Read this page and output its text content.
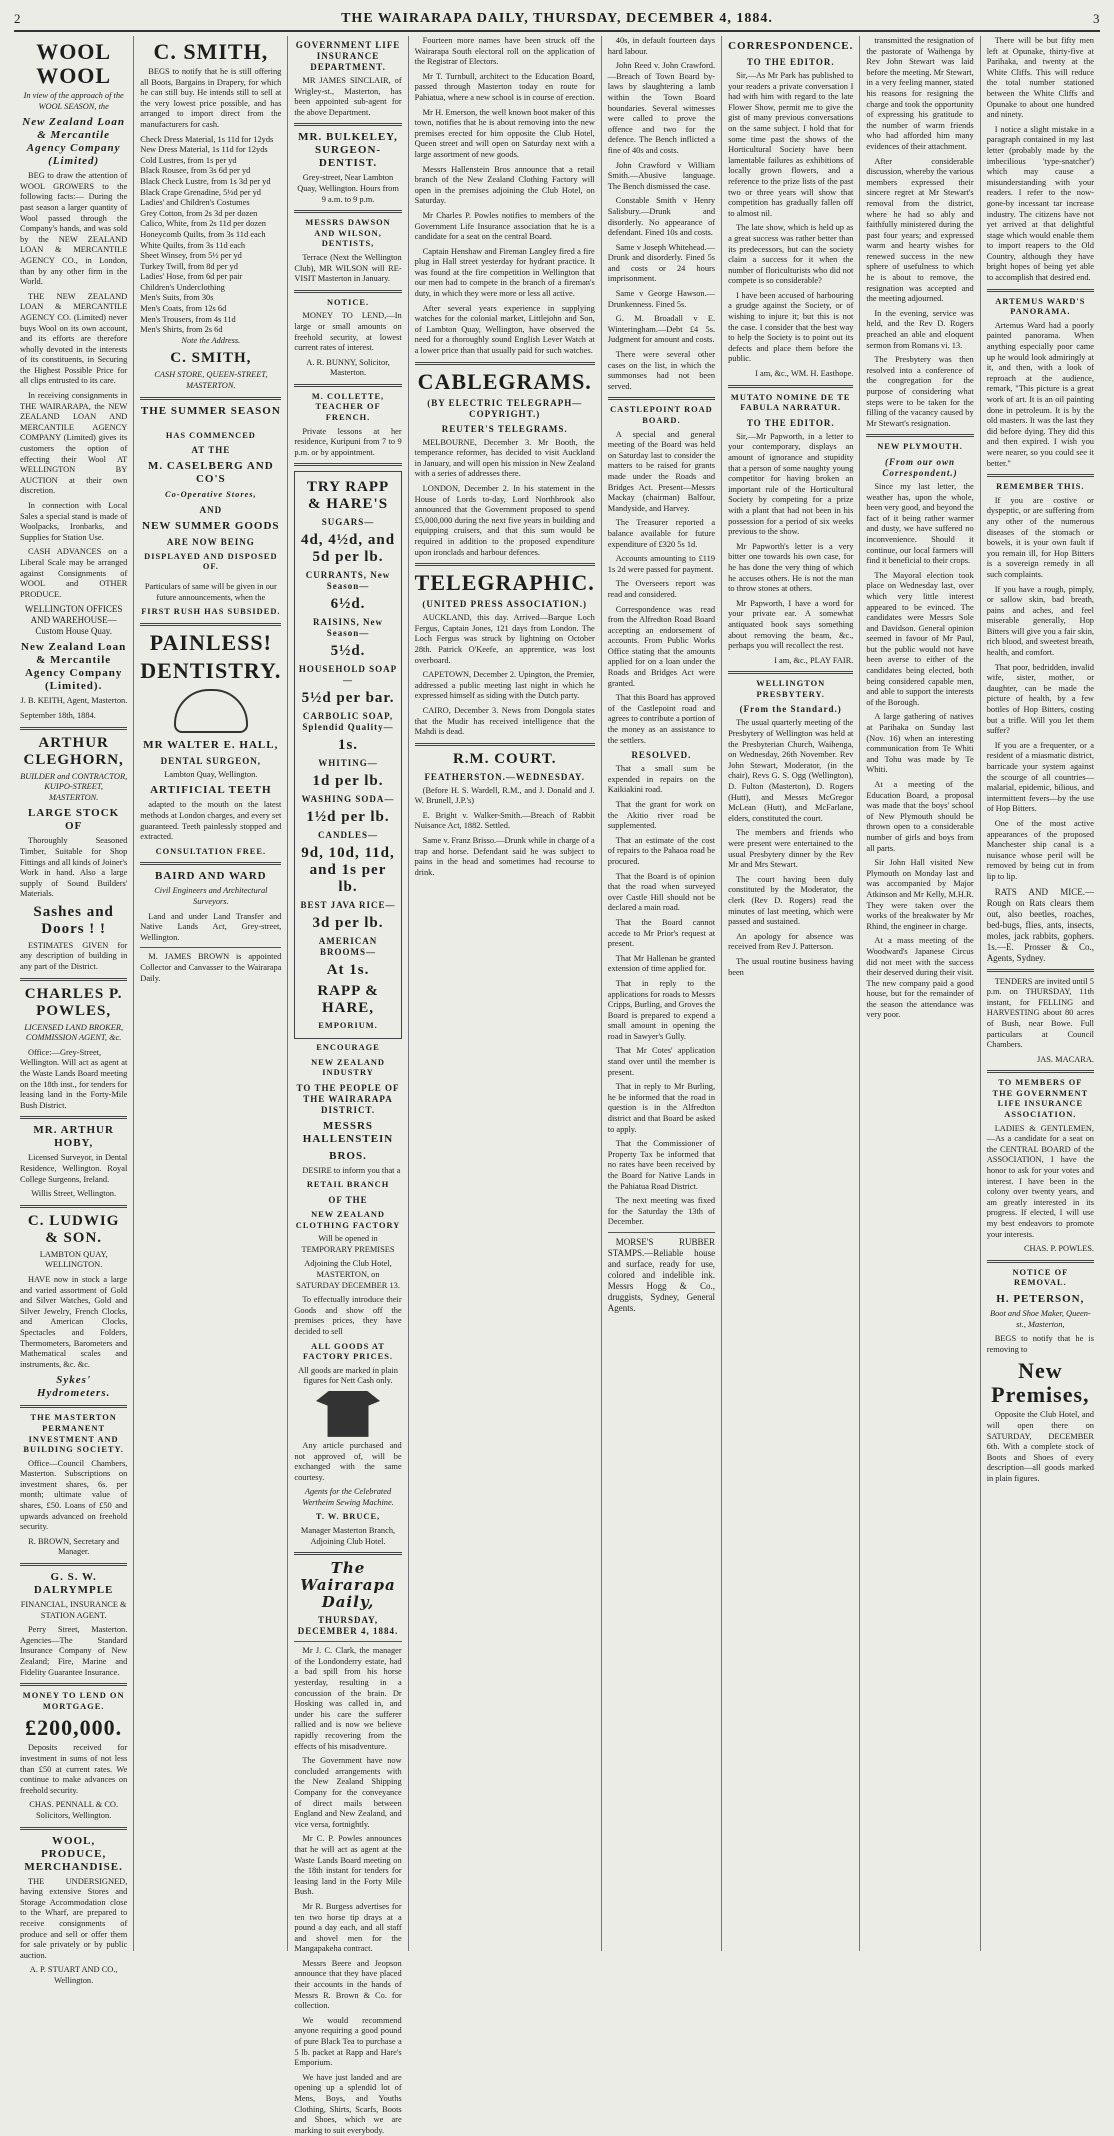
2	THE WAIRARAPA DAILY, THURSDAY, DECEMBER 4, 1884.	3
WOOL WOOL

In view of the approach of the WOOL SEASON, the

New Zealand Loan & Mercantile Agency Company (Limited)

BEG to draw the attention of WOOL GROWERS to the following facts:— During the past season a larger quantity of Wool passed through the Company's hands, and was sold by the NEW ZEALAND LOAN & MERCANTILE AGENCY CO., in London, than by any other firm in the World.

THE NEW ZEALAND LOAN & MERCANTILE AGENCY CO. (Limited) never buys Wool on its own account, and its efforts are therefore wholly devoted in the interests of its constituents, in Securing the Highest Possible Price for all clips entrusted to its care.

In receiving consignments in THE WAIRARAPA, the NEW ZEALAND LOAN AND MERCANTILE AGENCY COMPANY (Limited) gives its customers the option of effecting their Wool AT WELLINGTON BY AUCTION at their own discretion.

In connection with Local Sales a special stand is made of Woolpacks, Ironbarks, and Supplies for Station Use.

CASH ADVANCES on a Liberal Scale may be arranged against Consignments of WOOL and OTHER PRODUCE.

WELLINGTON OFFICES AND WAREHOUSE— Custom House Quay.

New Zealand Loan & Mercantile Agency Company (Limited).

J. B. KEITH, Agent, Masterton.

September 18th, 1884.

ARTHUR CLEGHORN,

BUILDER and CONTRACTOR, KUIPO-STREET, MASTERTON.

LARGE STOCK OF

Thoroughly Seasoned Timber, Suitable for Shop Fittings and all kinds of Joiner's Work in hand. Also a large supply of Sound Builders' Materials.

Sashes and Doors ! !

ESTIMATES GIVEN for any description of building in any part of the District.

CHARLES P. POWLES,

LICENSED LAND BROKER, COMMISSION AGENT, &c.

Office:—Grey-Street, Wellington. Will act as agent at the Waste Lands Board meeting on the 18th inst., for tenders for leasing land in the Forty-Mile Bush District.

MR. ARTHUR HOBY,

Licensed Surveyor, in Dental Residence, Wellington. Royal College Surgeons, Ireland.

Willis Street, Wellington.

C. LUDWIG & SON.

LAMBTON QUAY, WELLINGTON.

HAVE now in stock a large and varied assortment of Gold and Silver Watches, Gold and Silver Jewelry, French Clocks, and American Clocks, Spectacles and Folders, Thermometers, Barometers and Mathematical scales and instruments, &c. &c.

Sykes' Hydrometers.
THE MASTERTON PERMANENT INVESTMENT AND BUILDING SOCIETY.

Office—Council Chambers, Masterton. Subscriptions on investment shares, 6s. per month; ultimate value of shares, £50. Loans of £50 and upwards advanced on freehold security.

R. BROWN, Secretary and Manager.

G. S. W. DALRYMPLE

FINANCIAL, INSURANCE & STATION AGENT.

Perry Street, Masterton. Agencies—The Standard Insurance Company of New Zealand; Fire, Marine and Fidelity Guarantee Insurance.

MONEY TO LEND ON MORTGAGE.
£200,000.

Deposits received for investment in sums of not less than £50 at current rates. We continue to make advances on freehold security.

CHAS. PENNALL & CO. Solicitors, Wellington.

WOOL, PRODUCE, MERCHANDISE.

THE UNDERSIGNED, having extensive Stores and Storage Accommodation close to the Wharf, are prepared to receive consignments of produce and sell or offer them for sale privately or by public auction.

A. P. STUART AND CO., Wellington.

C. SMITH,

BEGS to notify that he is still offering all Boots, Bargains in Drapery, for which he can still buy. He intends still to sell at the very lowest price possible, and has arranged to import direct from the manufacturers for cash.

Check Dress Material, 1s 11d for 12yds
New Dress Material, 1s 11d for 12yds
Cold Lustres, from 1s per yd
Black Rousee, from 3s 6d per yd
Black Check Lustre, from 1s 3d per yd
Black Crape Grenadine, 5½d per yd
Ladies' and Children's Costumes
Grey Cotton, from 2s 3d per dozen
Calico, White, from 2s 11d per dozen
Honeycomb Quilts, from 3s 11d each
White Quilts, from 3s 11d each
Sheet Winsey, from 5½ per yd
Turkey Twill, from 8d per yd
Ladies' Hose, from 6d per pair
Children's Underclothing
Men's Suits, from 30s
Men's Coats, from 12s 6d
Men's Trousers, from 4s 11d
Men's Shirts, from 2s 6d

Note the Address.

C. SMITH,

CASH STORE, QUEEN-STREET, MASTERTON.

THE SUMMER SEASON
HAS COMMENCED
AT THE
M. CASELBERG AND CO'S
Co-Operative Stores,
AND
NEW SUMMER GOODS
ARE NOW BEING
DISPLAYED AND DISPOSED OF.

Particulars of same will be given in our future announcements, when the

FIRST RUSH HAS SUBSIDED.
PAINLESS!
DENTISTRY.
MR WALTER E. HALL,
DENTAL SURGEON,

Lambton Quay, Wellington.

ARTIFICIAL TEETH

adapted to the mouth on the latest methods at London charges, and every set guaranteed. Teeth painlessly stopped and extracted.

CONSULTATION FREE.
BAIRD AND WARD

Civil Engineers and Architectural Surveyors.

Land and under Land Transfer and Native Lands Act, Grey-street, Wellington.

M. JAMES BROWN is appointed Collector and Canvasser to the Wairarapa Daily.

GOVERNMENT LIFE INSURANCE DEPARTMENT.

MR JAMES SINCLAIR, of Wrigley-st., Masterton, has been appointed sub-agent for the above Department.

MR. BULKELEY, SURGEON-DENTIST.

Grey-street, Near Lambton Quay, Wellington. Hours from 9 a.m. to 9 p.m.

MESSRS DAWSON AND WILSON, DENTISTS,

Terrace (Next the Wellington Club), MR WILSON will RE-VISIT Masterton in January.

NOTICE.

MONEY TO LEND,—In large or small amounts on freehold security, at lowest current rates of interest.

A. R. BUNNY, Solicitor, Masterton.

M. COLLETTE, TEACHER OF FRENCH.

Private lessons at her residence, Kuripuni from 7 to 9 p.m. or by appointment.

TRY RAPP & HARE'S
SUGARS—
4d, 4½d, and 5d per lb.
CURRANTS, New Season—
6½d.
RAISINS, New Season—
5½d.
HOUSEHOLD SOAP—
5½d per bar.
CARBOLIC SOAP, Splendid Quality—
1s.
WHITING—
1d per lb.
WASHING SODA—
1½d per lb.
CANDLES—
9d, 10d, 11d, and 1s per lb.
BEST JAVA RICE—
3d per lb.
AMERICAN BROOMS—
At 1s.
RAPP & HARE,
EMPORIUM.
ENCOURAGE
NEW ZEALAND INDUSTRY
TO THE PEOPLE OF THE WAIRARAPA DISTRICT.
MESSRS HALLENSTEIN
BROS.

DESIRE to inform you that a

RETAIL BRANCH
OF THE
NEW ZEALAND CLOTHING FACTORY

Will be opened in TEMPORARY PREMISES

Adjoining the Club Hotel, MASTERTON, on SATURDAY DECEMBER 13.

To effectually introduce their Goods and show off the premises prices, they have decided to sell

ALL GOODS AT FACTORY PRICES.

All goods are marked in plain figures for Nett Cash only.

Any article purchased and not approved of, will be exchanged with the same courtesy.

Agents for the Celebrated Wertheim Sewing Machine.

T. W. BRUCE,

Manager Masterton Branch, Adjoining Club Hotel.

The Wairarapa Daily,
THURSDAY, DECEMBER 4, 1884.

Mr J. C. Clark, the manager of the Londonderry estate, had a bad spill from his horse yesterday, resulting in a concussion of the brain. Dr Hosking was called in, and under his care the sufferer rallied and is now we believe rapidly recovering from the effects of his misadventure.

The Government have now concluded arrangements with the New Zealand Shipping Company for the conveyance of direct mails between England and New Zealand, and vice versa, fortnightly.

Mr C. P. Powles announces that he will act as agent at the Waste Lands Board meeting on the 18th instant for tenders for leasing land in the Forty Mile Bush.

Mr R. Burgess advertises for ten two horse tip drays at a pound a day each, and all staff and shovel men for the Mangapakeha contract.

Messrs Beere and Jeopson announce that they have placed their accounts in the hands of Messrs R. Brown & Co. for collection.

We would recommend anyone requiring a good pound of pure Black Tea to purchase a 5 lb. packet at Rapp and Hare's Emporium.

We have just landed and are opening up a splendid lot of Mens, Boys, and Youths Clothing, Shirts, Scarfs, Boots and Shoes, which we are marking to suit everybody.

Fourteen more names have been struck off the Wairarapa South electoral roll on the application of the Registrar of Electors.

Mr T. Turnbull, architect to the Education Board, passed through Masterton today en route for Pahiatua, where a new school is in course of erection.

Mr H. Emerson, the well known boot maker of this town, notifies that he is about removing into the new premises erected for him opposite the Club Hotel, Queen street and will open on Saturday next with a large assortment of new goods.

Messrs Hallenstein Bros announce that a retail branch of the New Zealand Clothing Factory will open in the premises adjoining the Club Hotel, on Saturday.

Mr Charles P. Powles notifies to members of the Government Life Insurance association that he is a candidate for a seat on the central Board.

Captain Henshaw and Fireman Langley fired a fire plug in Hall street yesterday for hydrant practice. It was found at the fire competition in Wellington that our men had to compete in the branch of a fireman's duty, in which they were more or less all active.

After several years experience in supplying watches for the colonial market, Littlejohn and Son, of Lambton Quay, Wellington, have observed the need for a thoroughly sound English Lever Watch at a lower price than that usually paid for such watches.

CABLEGRAMS.
(BY ELECTRIC TELEGRAPH—COPYRIGHT.)
REUTER'S TELEGRAMS.

MELBOURNE, December 3. Mr Booth, the temperance reformer, has decided to visit Auckland in January, and will open his mission in New Zealand with a series of addresses there.

LONDON, December 2. In his statement in the House of Lords to-day, Lord Northbrook also announced that the Government proposed to spend £5,000,000 during the next five years in building and equipping cruisers, and that this sum would be required in addition to the proposed expenditure upon ironclads and harbour defences.

TELEGRAPHIC.
(UNITED PRESS ASSOCIATION.)

AUCKLAND, this day. Arrived—Barque Loch Fergus, Captain Jones, 121 days from London. The Loch Fergus was struck by lightning on October 28th. Patrick O'Keefe, an apprentice, was lost overboard.

CAPETOWN, December 2. Upington, the Premier, addressed a public meeting last night in which he expressed himself as siding with the Dutch party.

CAIRO, December 3. News from Dongola states that the Mudir has received intelligence that the Mahdi is dead.

R.M. COURT.
FEATHERSTON.—WEDNESDAY.

(Before H. S. Wardell, R.M., and J. Donald and J. W. Brunell, J.P.'s)

E. Bright v. Walker-Smith.—Breach of Rabbit Nuisance Act, 1882. Settled.

Same v. Franz Brisso.—Drunk while in charge of a trap and horse. Defendant said he was subject to pains in the head and sometimes had recourse to drink.

40s, in default fourteen days hard labour.

John Reed v. John Crawford.—Breach of Town Board by-laws by slaughtering a lamb within the Town Board boundaries. Several witnesses were called to prove the offence and two for the defence. The Bench inflicted a fine of 40s and costs.

John Crawford v William Smith.—Abusive language. The Bench dismissed the case.

Constable Smith v Henry Salisbury.—Drunk and disorderly. No appearance of defendant. Fined 10s and costs.

Same v Joseph Whitehead.—Drunk and disorderly. Fined 5s and costs or 24 hours imprisonment.

Same v George Hawson.—Drunkenness. Fined 5s.

G. M. Broadall v E. Winteringham.—Debt £4 5s. Judgment for amount and costs.

There were several other cases on the list, in which the summonses had not been served.

CASTLEPOINT ROAD BOARD.

A special and general meeting of the Board was held on Saturday last to consider the matters to be raised for grants made under the Roads and Bridges Act. Present—Messrs Mackay (chairman) Balfour, Mandyside, and Harvey.

The Treasurer reported a balance available for future expenditure of £320 5s 1d.

Accounts amounting to £119 1s 2d were passed for payment.

The Overseers report was read and considered.

Correspondence was read from the Alfredton Road Board accepting an endorsement of accounts. From Public Works Office stating that the amounts applied for on a loan under the Roads and Bridges Act were granted.

That this Board has approved of the Castlepoint road and agrees to contribute a portion of the money as an assistance to the settlers.

RESOLVED.

That a small sum be expended in repairs on the Kaikiakini road.

That the grant for work on the Akitio river road be supplemented.

That an estimate of the cost of repairs to the Pahaoa road be procured.

That the Board is of opinion that the road when surveyed over Castle Hill should not be declared a main road.

That the Board cannot accede to Mr Prior's request at present.

That Mr Hallenan be granted extension of time applied for.

That in reply to the applications for roads to Messrs Cripps, Burling, and Groves the Board is prepared to expend a small amount in opening the road in Sawyer's Gully.

That Mr Cotes' application stand over until the member is present.

That in reply to Mr Burling, he be informed that the road in question is in the Alfredton district and that Board be asked to apply.

That the Commissioner of Property Tax be informed that no rates have been received by the Board for Native Lands in the Pahiatua Road District.

The next meeting was fixed for the Saturday the 13th of December.

MORSE'S RUBBER STAMPS.—Reliable house and surface, ready for use, colored and indelible ink. Messrs Hogg & Co., druggists, Sydney, General Agents.

CORRESPONDENCE.
TO THE EDITOR.

Sir,—As Mr Park has published to your readers a private conversation I had with him with regard to the late Flower Show, permit me to give the gist of many previous conversations on the same subject. I hold that for some time past the shows of the Horticultural Society have been lamentable failures as exhibitions of locally grown flowers, and a reference to the prize lists of the past two or three years will show that competition has gradually fallen off to almost nil.

The late show, which is held up as a great success was rather better than its predecessors, but can the society claim a success for it when the number of floriculturists who did not compete is so considerable?

I have been accused of harbouring a grudge against the Society, or of wishing to injure it; but this is not the case. I consider that the best way to help the Society is to point out its defects and place them before the public.

I am, &c., WM. H. Easthope.

MUTATO NOMINE DE TE FABULA NARRATUR.
TO THE EDITOR.

Sir,—Mr Papworth, in a letter to your contemporary, displays an amount of ignorance and stupidity that a person of some naughty young competitor for having broken an important rule of the Horticultural Society by competing for a prize with a plant that had not been in his possession for a period of six weeks previous to the show.

Mr Papworth's letter is a very bitter one towards his own case, for he has done the very thing of which he accuses others. He is not the man to throw stones at others.

Mr Papworth, I have a word for your private ear. A somewhat antiquated book says something about removing the beam, &c., perhaps you will recollect the rest.

I am, &c., PLAY FAIR.

WELLINGTON PRESBYTERY.
(From the Standard.)

The usual quarterly meeting of the Presbytery of Wellington was held at the Presbyterian Church, Waihenga, on Wednesday, 26th November. Rev John Stewart, Moderator, (in the chair), Revs G. S. Ogg (Wellington), D. Fulton (Masterton), D. Rogers (Hutt), and Messrs McGregor McLean (Hutt), and McFarlane, elders, constituted the court.

The members and friends who were present were entertained to the usual Presbytery dinner by the Rev Mr and Mrs Stewart.

The court having been duly constituted by the Moderator, the clerk (Rev D. Rogers) read the minutes of last meeting, which were passed and sustained.

An apology for absence was received from Rev J. Patterson.

The usual routine business having been

transmitted the resignation of the pastorate of Waihenga by Rev John Stewart was laid before the meeting. Mr Stewart, in a very feeling manner, stated his reasons for resigning the charge and took the opportunity of expressing his gratitude to the number of warm friends who had afforded him many evidences of their attachment.

After considerable discussion, whereby the various members expressed their sincere regret at Mr Stewart's removal from the district, where he had so ably and faithfully ministered during the past four years; and expressed warm and hearty wishes for renewed success in the new sphere of usefulness to which he is about to remove, the resignation was accepted and the meeting adjourned.

In the evening, service was held, and the Rev D. Rogers preached an able and eloquent sermon from Romans vi. 13.

The Presbytery was then resolved into a conference of the congregation for the purpose of considering what steps were to be taken for the filling of the vacancy caused by Mr Stewart's resignation.

NEW PLYMOUTH.
(From our own Correspondent.)

Since my last letter, the weather has, upon the whole, been very good, and beyond the fact of it being rather warmer and dusty, we have suffered no inconvenience. Should it continue, our local farmers will find it beneficial to their crops.

The Mayoral election took place on Wednesday last, over which very little interest appeared to be evinced. The candidates were Messrs Sole and Davidson. General opinion seemed in favour of Mr Paul, but the public would not have been averse to either of the candidates being elected, both being considered capable men, and able to support the interests of the Borough.

A large gathering of natives at Parihaka on Sunday last (Nov. 16) when an interesting communication from Te Whiti and Tohu was made by Te Whiti.

At a meeting of the Education Board, a proposal was made that the boys' school of New Plymouth should be thrown open to a considerable number of girls and boys from all parts.

Sir John Hall visited New Plymouth on Monday last and was accompanied by Major Atkinson and Mr Kelly, M.H.R. They were taken over the works of the breakwater by Mr Rhind, the engineer in charge.

At a mass meeting of the Woodward's Japanese Circus did not meet with the success their deserved during their visit. The new company paid a good house, but for the remainder of the season the attendance was very poor.

There will be but fifty men left at Opunake, thirty-five at Parihaka, and twenty at the White Cliffs. This will reduce the total number stationed between the White Cliffs and Opunake to about one hundred and ninety.

I notice a slight mistake in a paragraph contained in my last letter (probably made by the imbecilious 'type-snatcher') which may cause a misunderstanding with your readers. I refer to the now-gone-by incessant tar increase industry. The citizens have not yet arrived at that delightful stage which would enable them to import reapers to the Old Country, although they have bright hopes of being yet able to accomplish that desired end.

ARTEMUS WARD'S PANORAMA.

Artemus Ward had a poorly painted panorama. When anything especially poor came up he would look admiringly at it, and then, with a look of reproach at the audience, remark, "This picture is a great work of art. It is an oil painting done in petroleum. It is by the old masters. It was the last they did before dying. They did this and then expired. I wish you were nearer, so you could see it better."

REMEMBER THIS.

If you are costive or dyspeptic, or are suffering from any other of the numerous diseases of the stomach or bowels, it is your own fault if you remain ill, for Hop Bitters is a sovereign remedy in all such complaints.

If you have a rough, pimply, or sallow skin, bad breath, pains and aches, and feel miserable generally, Hop Bitters will give you a fair skin, rich blood, and sweetest breath, health, and comfort.

That poor, bedridden, invalid wife, sister, mother, or daughter, can be made the picture of health, by a few bottles of Hop Bitters, costing but a trifle. Will you let them suffer?

If you are a frequenter, or a resident of a miasmatic district, barricade your system against the scourge of all countries—malarial, epidemic, bilious, and intermittent fevers—by the use of Hop Bitters.

One of the most active appearances of the proposed Manchester ship canal is a nuisance whose peril will be removed by being cut in from lip to lip.

RATS AND MICE.—Rough on Rats clears them out, also beetles, roaches, bed-bugs, flies, ants, insects, moles, jack rabbits, gophers. 1s.—E. Prosser & Co., Agents, Sydney.

TENDERS are invited until 5 p.m. on THURSDAY, 11th instant, for FELLING and HARVESTING about 80 acres of Bush, near Bowe. Full particulars at Council Chambers.

JAS. MACARA.

TO MEMBERS OF THE GOVERNMENT LIFE INSURANCE ASSOCIATION.

LADIES & GENTLEMEN,—As a candidate for a seat on the CENTRAL BOARD of the ASSOCIATION, I have the honor to ask for your votes and interest. I have been in the colony over twenty years, and am greatly interested in its progress. If elected, I will use my best endeavors to promote your interests.

CHAS. P. POWLES.

NOTICE OF REMOVAL.
H. PETERSON,

Boot and Shoe Maker, Queen-st., Masterton,

BEGS to notify that he is removing to

New Premises,

Opposite the Club Hotel, and will open there on SATURDAY, DECEMBER 6th. With a complete stock of Boots and Shoes of every description—all goods marked in plain figures.
